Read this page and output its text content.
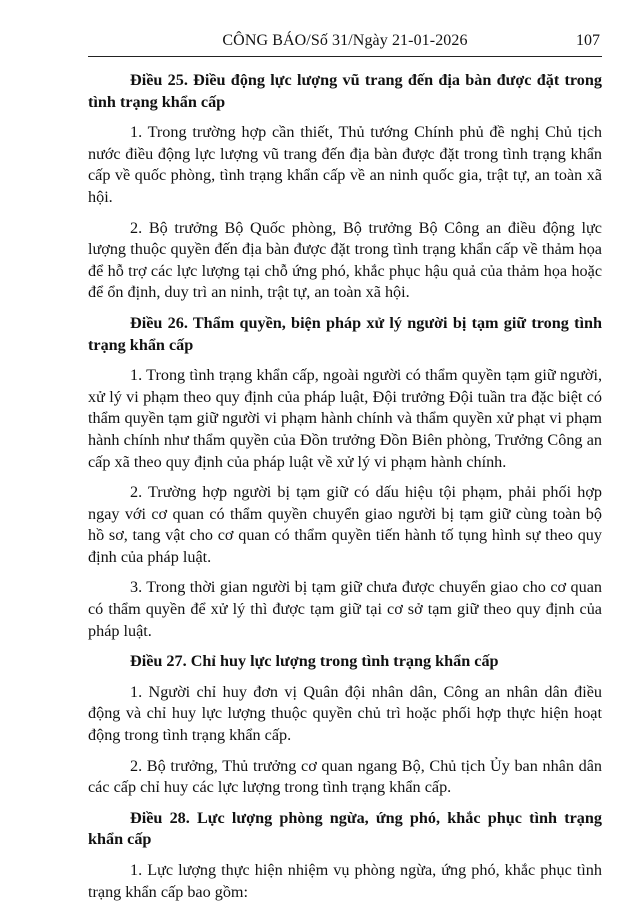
CÔNG BÁO/Số 31/Ngày 21-01-2026	107

Điều 25. Điều động lực lượng vũ trang đến địa bàn được đặt trong tình trạng khẩn cấp

1. Trong trường hợp cần thiết, Thủ tướng Chính phủ đề nghị Chủ tịch nước điều động lực lượng vũ trang đến địa bàn được đặt trong tình trạng khẩn cấp về quốc phòng, tình trạng khẩn cấp về an ninh quốc gia, trật tự, an toàn xã hội.

2. Bộ trưởng Bộ Quốc phòng, Bộ trưởng Bộ Công an điều động lực lượng thuộc quyền đến địa bàn được đặt trong tình trạng khẩn cấp về thảm họa để hỗ trợ các lực lượng tại chỗ ứng phó, khắc phục hậu quả của thảm họa hoặc để ổn định, duy trì an ninh, trật tự, an toàn xã hội.

Điều 26. Thẩm quyền, biện pháp xử lý người bị tạm giữ trong tình trạng khẩn cấp

1. Trong tình trạng khẩn cấp, ngoài người có thẩm quyền tạm giữ người, xử lý vi phạm theo quy định của pháp luật, Đội trưởng Đội tuần tra đặc biệt có thẩm quyền tạm giữ người vi phạm hành chính và thẩm quyền xử phạt vi phạm hành chính như thẩm quyền của Đồn trưởng Đồn Biên phòng, Trưởng Công an cấp xã theo quy định của pháp luật về xử lý vi phạm hành chính.

2. Trường hợp người bị tạm giữ có dấu hiệu tội phạm, phải phối hợp ngay với cơ quan có thẩm quyền chuyển giao người bị tạm giữ cùng toàn bộ hồ sơ, tang vật cho cơ quan có thẩm quyền tiến hành tố tụng hình sự theo quy định của pháp luật.

3. Trong thời gian người bị tạm giữ chưa được chuyển giao cho cơ quan có thẩm quyền để xử lý thì được tạm giữ tại cơ sở tạm giữ theo quy định của pháp luật.

Điều 27. Chỉ huy lực lượng trong tình trạng khẩn cấp

1. Người chỉ huy đơn vị Quân đội nhân dân, Công an nhân dân điều động và chỉ huy lực lượng thuộc quyền chủ trì hoặc phối hợp thực hiện hoạt động trong tình trạng khẩn cấp.

2. Bộ trưởng, Thủ trưởng cơ quan ngang Bộ, Chủ tịch Ủy ban nhân dân các cấp chỉ huy các lực lượng trong tình trạng khẩn cấp.

Điều 28. Lực lượng phòng ngừa, ứng phó, khắc phục tình trạng khẩn cấp

1. Lực lượng thực hiện nhiệm vụ phòng ngừa, ứng phó, khắc phục tình trạng khẩn cấp bao gồm:
